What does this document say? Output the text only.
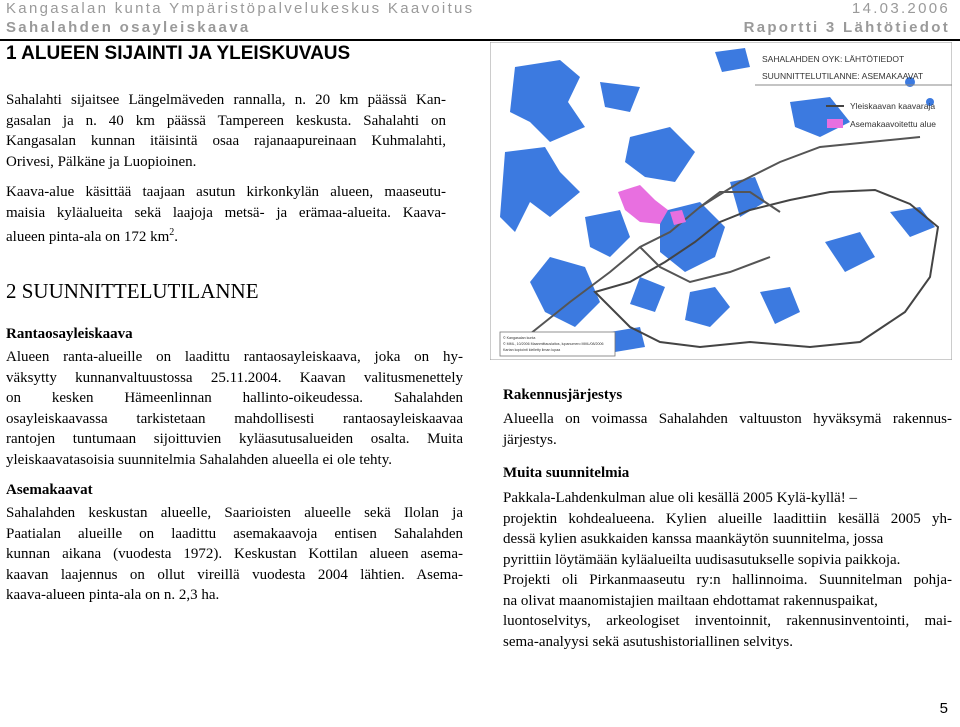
Kangasalan kunta Ympäristöpalvelukeskus Kaavoitus	14.03.2006
Sahalahden osayleiskaava	Raportti 3 Lähtötiedot
1 ALUEEN SIJAINTI JA YLEISKUVAUS
Sahalahti sijaitsee Längelmäveden rannalla, n. 20 km päässä Kan-
gasalan ja n. 40 km päässä Tampereen keskusta. Sahalahti on
Kangasalan kunnan itäisintä osaa rajanaapureinaan Kuhmalahti,
Orivesi, Pälkäne ja Luopioinen.
Kaava-alue käsittää taajaan asutun kirkonkylän alueen, maaseutu-
maisia kyläalueita sekä laajoja metsä- ja erämaa-alueita. Kaava-
alueen pinta-ala on 172 $km^2$.
SAHALAHDEN OYK: LÄHTÖTIEDOT
SUUNNITTELUTILANNE: ASEMAKAAVAT
Yleiskaavan kaavaraja
Asemakaavoitettu alue
© Kangasalan kunta
© MML, 10/2006 Maanmittauslaitos, lupanumero MML/08/2006
Kartan kopiointi kielletty ilman lupaa
2 SUUNNITTELUTILANNE
Rantaosayleiskaava
Alueen ranta-alueille on laadittu rantaosayleiskaava, joka on hy-
väksytty kunnanvaltuustossa 25.11.2004. Kaavan valitusmenettely
on kesken Hämeenlinnan hallinto-oikeudessa. Sahalahden
osayleiskaavassa tarkistetaan mahdollisesti rantaosayleiskaavaa
rantojen tuntumaan sijoittuvien kyläasutusalueiden osalta. Muita
yleiskaavatasoisia suunnitelmia Sahalahden alueella ei ole tehty.
Asemakaavat
Sahalahden keskustan alueelle, Saarioisten alueelle sekä Ilolan ja
Paatialan alueille on laadittu asemakaavoja entisen Sahalahden
kunnan aikana (vuodesta 1972). Keskustan Kottilan alueen asema-
kaavan laajennus on ollut vireillä vuodesta 2004 lähtien. Asema-
kaava-alueen pinta-ala on n. 2,3 ha.
Rakennusjärjestys
Alueella on voimassa Sahalahden valtuuston hyväksymä rakennus-
järjestys.
Muita suunnitelmia
Pakkala-Lahdenkulman alue oli kesällä 2005 Kylä-kyllä! –
projektin kohdealueena. Kylien alueille laadittiin kesällä 2005 yh-
dessä kylien asukkaiden kanssa maankäytön suunnitelma, jossa
pyrittiin löytämään kyläalueilta uudisasutukselle sopivia paikkoja.
Projekti oli Pirkanmaaseutu ry:n hallinnoima. Suunnitelman pohja-
na olivat maanomistajien mailtaan ehdottamat rakennuspaikat,
luontoselvitys, arkeologiset inventoinnit, rakennusinventointi, mai-
sema-analyysi sekä asutushistoriallinen selvitys.
5
